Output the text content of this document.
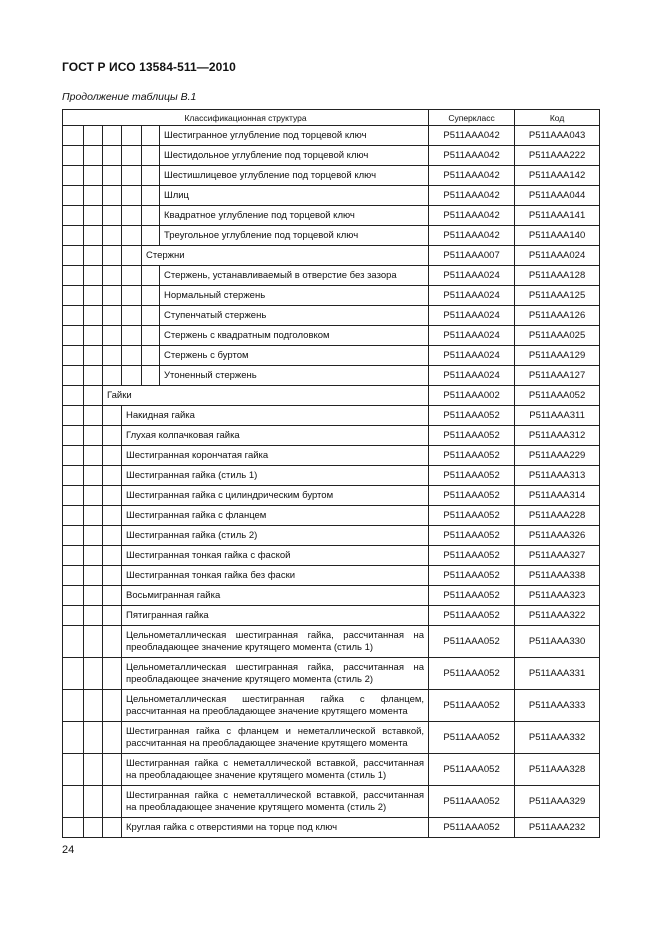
ГОСТ Р ИСО 13584-511—2010
Продолжение таблицы В.1
Классификационная структура						Суперкласс	Код
					Шестигранное углубление под торцевой ключ	P511AAA042	P511AAA043
					Шестидольное углубление под торцевой ключ	P511AAA042	P511AAA222
					Шестишлицевое углубление под торцевой ключ	P511AAA042	P511AAA142
					Шлиц	P511AAA042	P511AAA044
					Квадратное углубление под торцевой ключ	P511AAA042	P511AAA141
					Треугольное углубление под торцевой ключ	P511AAA042	P511AAA140
				Стержни		P511AAA007	P511AAA024
					Стержень, устанавливаемый в отверстие без зазора	P511AAA024	P511AAA128
					Нормальный стержень	P511AAA024	P511AAA125
					Ступенчатый стержень	P511AAA024	P511AAA126
					Стержень с квадратным подголовком	P511AAA024	P511AAA025
					Стержень с буртом	P511AAA024	P511AAA129
					Утоненный стержень	P511AAA024	P511AAA127
		Гайки				P511AAA002	P511AAA052
			Накидная гайка			P511AAA052	P511AAA311
			Глухая колпачковая гайка			P511AAA052	P511AAA312
			Шестигранная корончатая гайка			P511AAA052	P511AAA229
			Шестигранная гайка (стиль 1)			P511AAA052	P511AAA313
			Шестигранная гайка с цилиндрическим буртом			P511AAA052	P511AAA314
			Шестигранная гайка с фланцем			P511AAA052	P511AAA228
			Шестигранная гайка (стиль 2)			P511AAA052	P511AAA326
			Шестигранная тонкая гайка с фаской			P511AAA052	P511AAA327
			Шестигранная тонкая гайка без фаски			P511AAA052	P511AAA338
			Восьмигранная гайка			P511AAA052	P511AAA323
			Пятигранная гайка			P511AAA052	P511AAA322
			Цельнометаллическая шестигранная гайка, рассчитанная на преобладающее значение крутящего момента (стиль 1)			P511AAA052	P511AAA330
			Цельнометаллическая шестигранная гайка, рассчитанная на преобладающее значение крутящего момента (стиль 2)			P511AAA052	P511AAA331
			Цельнометаллическая шестигранная гайка с фланцем, рассчитанная на преобладающее значение крутящего момента			P511AAA052	P511AAA333
			Шестигранная гайка с фланцем и неметаллической вставкой, рассчитанная на преобладающее значение крутящего момента			P511AAA052	P511AAA332
			Шестигранная гайка с неметаллической вставкой, рассчитанная на преобладающее значение крутящего момента (стиль 1)			P511AAA052	P511AAA328
			Шестигранная гайка с неметаллической вставкой, рассчитанная на преобладающее значение крутящего момента (стиль 2)			P511AAA052	P511AAA329
			Круглая гайка с отверстиями на торце под ключ			P511AAA052	P511AAA232
24
